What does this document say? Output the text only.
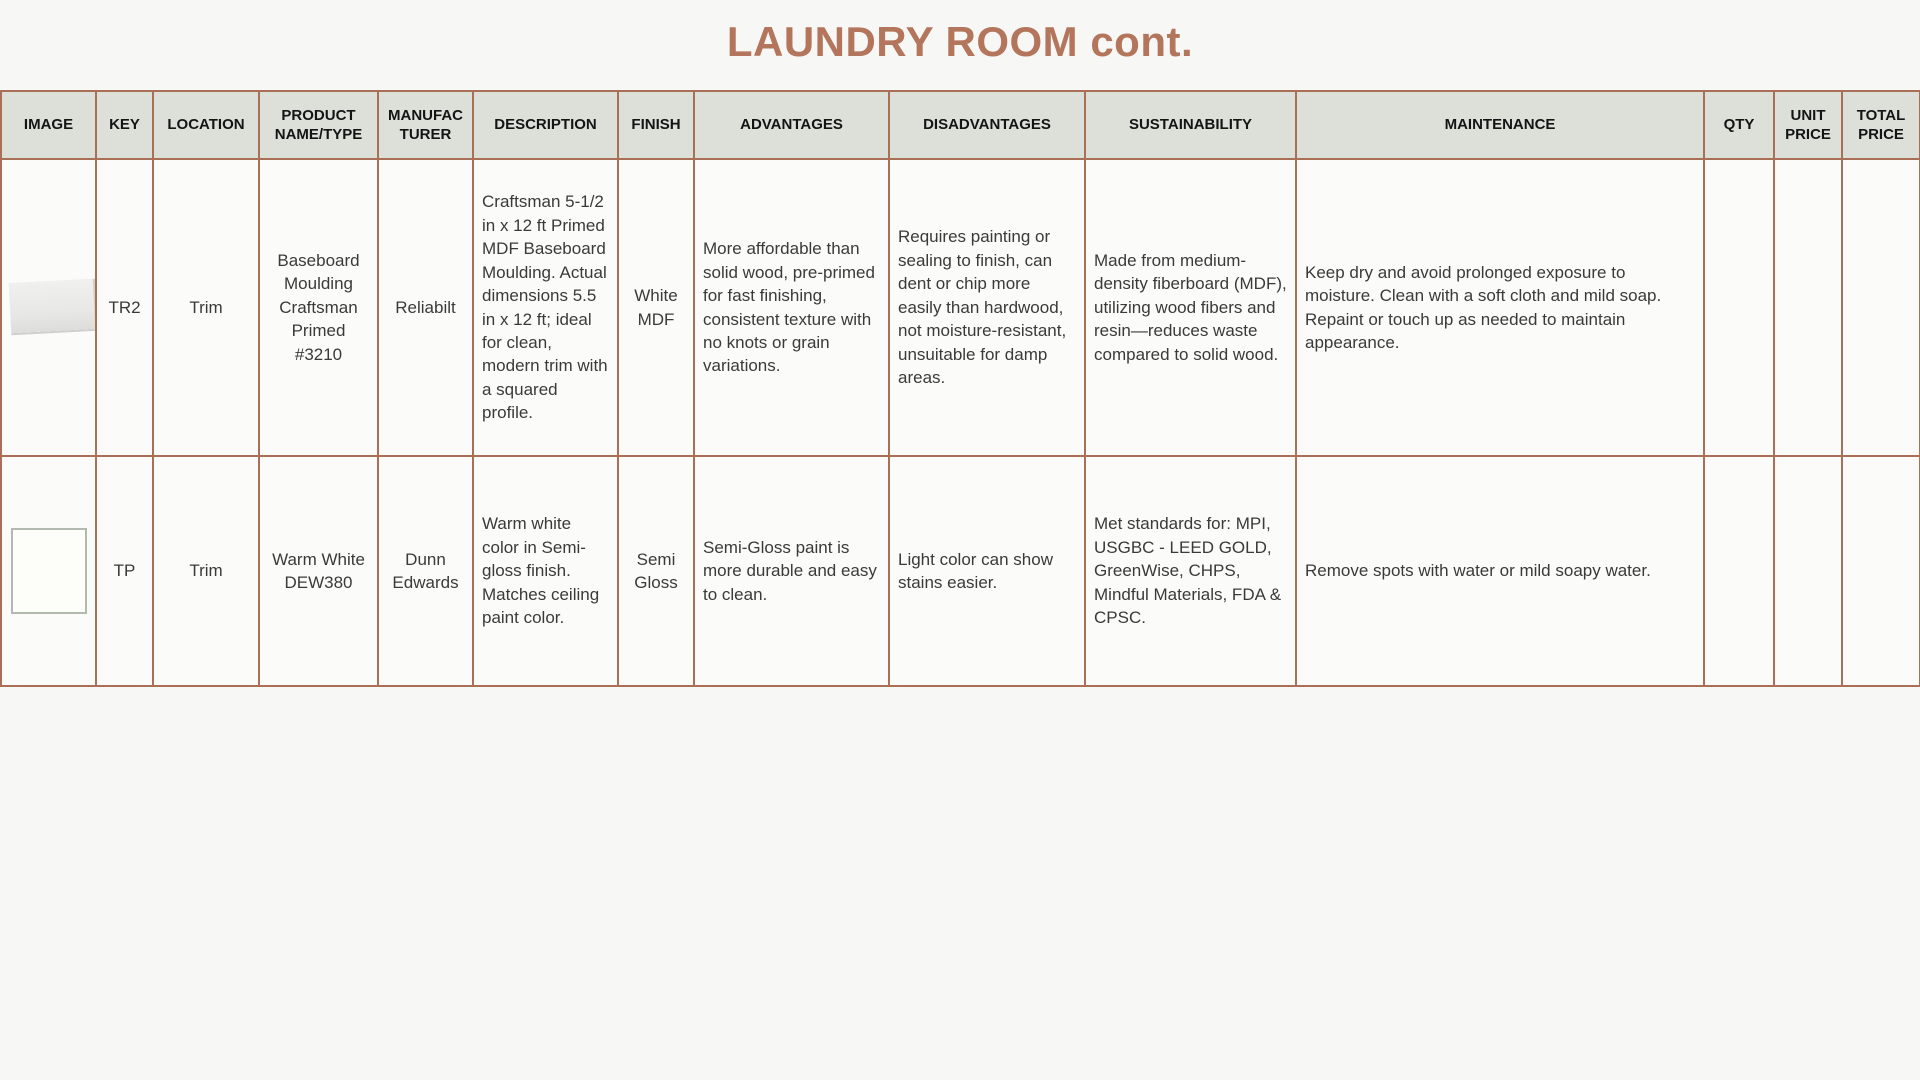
LAUNDRY ROOM cont.
IMAGE	KEY	LOCATION	PRODUCT NAME/TYPE	MANUFAC TURER	DESCRIPTION	FINISH	ADVANTAGES	DISADVANTAGES	SUSTAINABILITY	MAINTENANCE	QTY	UNIT PRICE	TOTAL PRICE

	TR2	Trim	Baseboard Moulding Craftsman Primed #3210	Reliabilt	Craftsman 5-1/2 in x 12 ft Primed MDF Baseboard Moulding. Actual dimensions 5.5 in x 12 ft; ideal for clean, modern trim with a squared profile.	White MDF	More affordable than solid wood, pre-primed for fast finishing, consistent texture with no knots or grain variations.	Requires painting or sealing to finish, can dent or chip more easily than hardwood, not moisture-resistant, unsuitable for damp areas.	Made from medium-density fiberboard (MDF), utilizing wood fibers and resin—reduces waste compared to solid wood.	Keep dry and avoid prolonged exposure to moisture. Clean with a soft cloth and mild soap. Repaint or touch up as needed to maintain appearance.			

	TP	Trim	Warm White DEW380	Dunn Edwards	Warm white color in Semi-gloss finish. Matches ceiling paint color.	Semi Gloss	Semi-Gloss paint is more durable and easy to clean.	Light color can show stains easier.	Met standards for: MPI, USGBC - LEED GOLD, GreenWise, CHPS, Mindful Materials, FDA & CPSC.	Remove spots with water or mild soapy water.			
